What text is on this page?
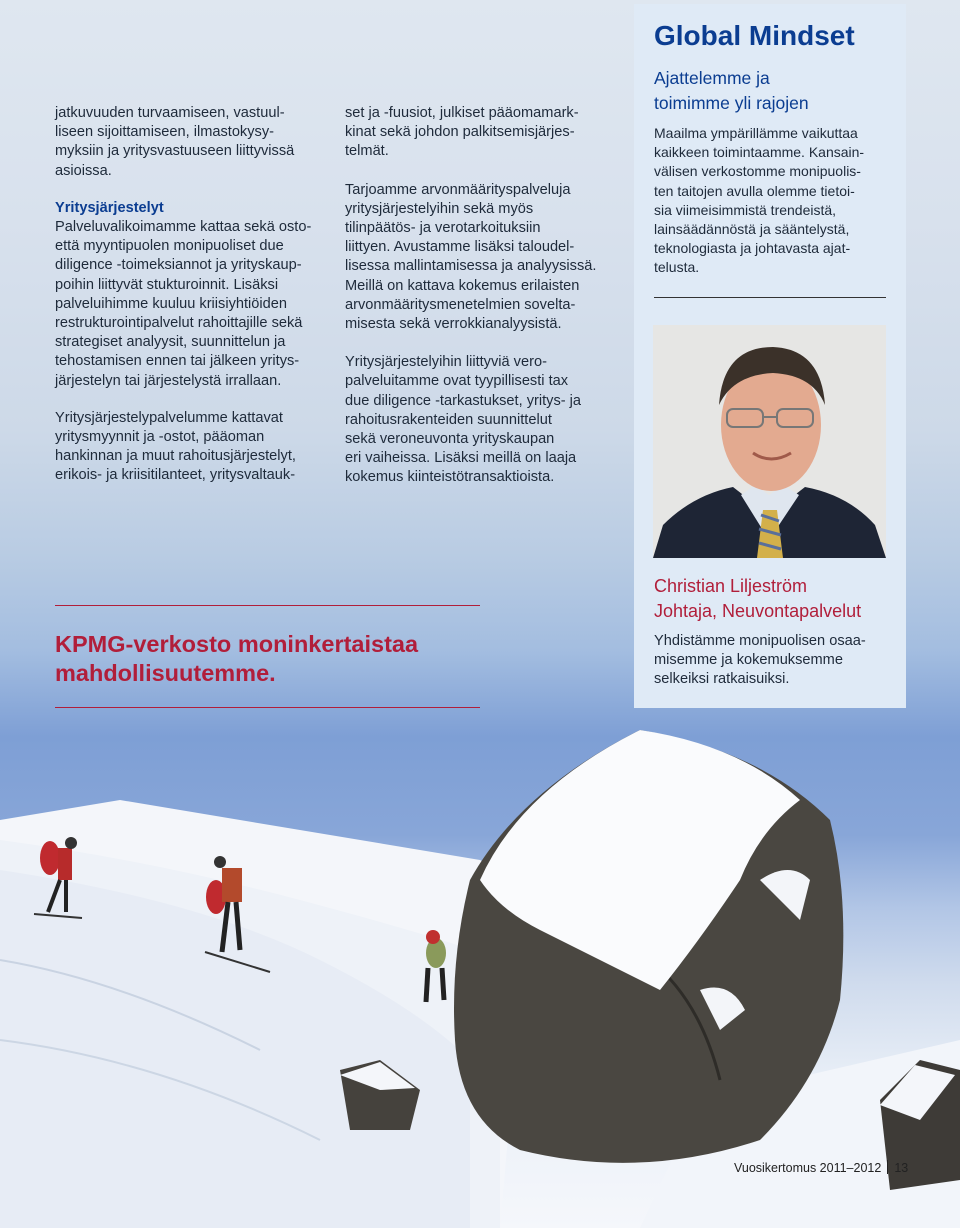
jatkuvuuden turvaamiseen, vastuul-
liseen sijoittamiseen, ilmastokysy-
myksiin ja yritysvastuuseen liittyvissä
asioissa.

Yritysjärjestelyt

Palveluvalikoimamme kattaa sekä osto-
että myyntipuolen monipuoliset due
diligence -toimeksiannot ja yrityskaup-
poihin liittyvät stukturoinnit. Lisäksi
palveluihimme kuuluu kriisiyhtiöiden
restrukturointipalvelut rahoittajille sekä
strategiset analyysit, suunnittelun ja
tehostamisen ennen tai jälkeen yritys-
järjestelyn tai järjestelystä irrallaan.

Yritysjärjestelypalvelumme kattavat
yritysmyynnit ja -ostot, pääoman
hankinnan ja muut rahoitusjärjestelyt,
erikois- ja kriisitilanteet, yritysvaltauk-

set ja -fuusiot, julkiset pääomamark-
kinat sekä johdon palkitsemisjärjes-
telmät.

Tarjoamme arvonmäärityspalveluja
yritysjärjestelyihin sekä myös
tilinpäätös- ja verotarkoituksiin
liittyen. Avustamme lisäksi taloudel-
lisessa mallintamisessa ja analyysissä.
Meillä on kattava kokemus erilaisten
arvonmääritysmenetelmien soveltа-
misesta sekä verrokkianalyysistä.

Yritysjärjestelyihin liittyviä vero-
palveluitamme ovat tyypillisesti tax
due diligence -tarkastukset, yritys- ja
rahoitusrakenteiden suunnittelut
sekä veroneuvonta yrityskaupan
eri vaiheissa. Lisäksi meillä on laaja
kokemus kiinteistötransaktioista.

KPMG-verkosto moninkertaistaa
mahdollisuutemme.
Global Mindset
Ajattelemme ja
toimimme yli rajojen
Maailma ympärillämme vaikuttaa
kaikkeen toimintaamme. Kansain-
välisen verkostomme monipuolis-
ten taitojen avulla olemme tietoi-
sia viimeisimmistä trendeistä,
lainsäädännöstä ja sääntelystä,
teknologiasta ja johtavasta ajat-
telusta.
Christian Liljeström
Johtaja, Neuvontapalvelut
Yhdistämme monipuolisen osaa-
misemme ja kokemuksemme
selkeiksi ratkaisuiksi.
Vuosikertomus 2011–2012 13
